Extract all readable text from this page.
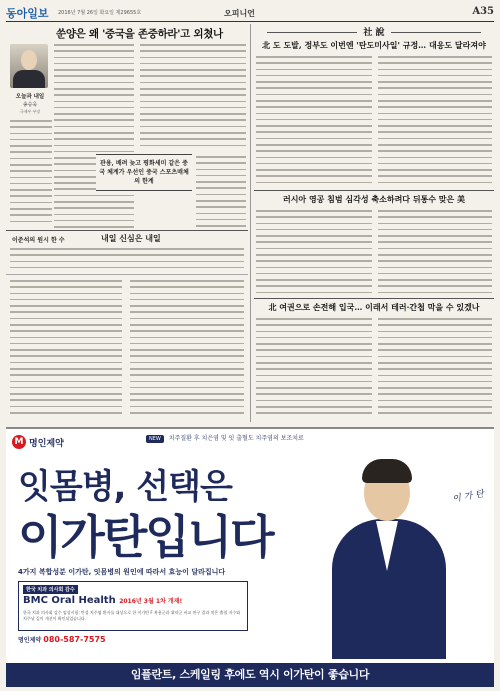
동아일보 2016년 7월 26일 화요일 제29655호	오피니언	A35
쑨양은 왜 '중국을 존중하라'고 외쳤나
오늘과 내일
송승욱
국제부 부장
관용, 배려 늦고 평화세미 같은 중국 체계가 우선인 중국 스포츠매체의 한계
이준석의 원시 한 수	내일 신심은 내일
社 說
北 도 도발, 정부도 이번엔 '탄도미사일' 규정… 대응도 달라져야
러시아 영공 침범 심각성 축소하려다 뒤통수 맞은 美
北 여권으로 손전해 입국… 이래서 테러·간첩 막을 수 있겠나
M 명인제약	NEW 치주질환 후 치은염 및 잇 출혈도 치주염의 보조치료
잇몸병, 선택은
이가탄입니다
4가지 복합성분 이가탄, 잇몸병의 원인에 따라서 효능이 달라집니다
한국 치과 의사회 감수
BMC Oral Health 2016년 3월 1차 개재!
한국 치과 의사회 감수 임상시험: 만성 치주염 환자를 대상으로 한 이가탄 F 복용군과 위약군 비교 연구 결과 치은 출혈 지수와 치주낭 깊이 개선이 확인되었습니다.
명인제약 080-587-7575
이 가 탄
임플란트, 스케일링 후에도 역시 이가탄이 좋습니다
